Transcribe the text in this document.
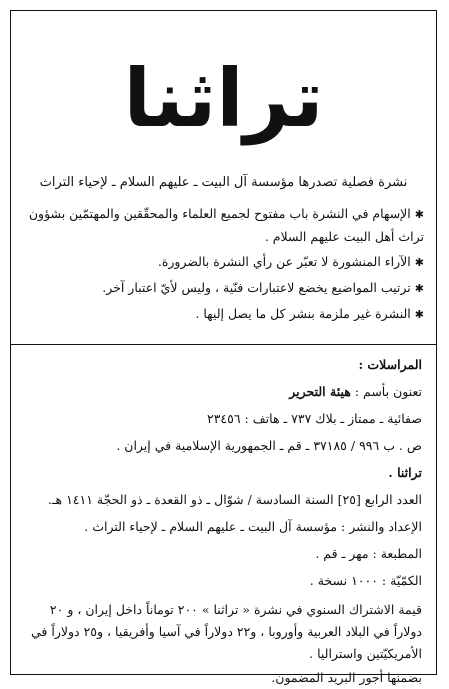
تراثنا
نشرة فصلية تصدرها مؤسسة آل البيت ـ عليهم السلام ـ لإحياء التراث
✱الإسهام في النشرة باب مفتوح لجميع العلماء والمحقّقين والمهتمّين بشؤون تراث أهل البيت عليهم السلام .
✱الآراء المنشورة لا تعبّر عن رأي النشرة بالضرورة.
✱ترتيب المواضيع يخضع لاعتبارات فنّية ، وليس لأيّ اعتبار آخر.
✱النشرة غير ملزمة بنشر كل ما يصل إليها .
المراسلات :
تعنون بأسم : هيئة التحرير
صفائية ـ ممتاز ـ بلاك ٧٣٧ ـ هاتف : ٢٣٤٥٦
ص . ب ٩٩٦ / ٣٧١٨٥ ـ قم ـ الجمهورية الإسلامية في إيران .
تراثنا .
العدد الرابع [٢٥] السنة السادسة / شوّال ـ ذو القعدة ـ ذو الحجّة ١٤١١ هـ.
الإعداد والنشر : مؤسسة آل البيت ـ عليهم السلام ـ لإحياء التراث .
المطبعة : مهر ـ قم .
الكمّيّة : ١٠٠٠ نسخة .
قيمة الاشتراك السنوي في نشرة « تراثنا » ٢٠٠ توماناً داخل إيران ، و ٢٠ دولاراً في البلاد العربية وأوروبا ، و٢٢ دولاراً في آسيا وأفريقيا ، و٢٥ دولاراً في الأمريكيّتين واستراليا .
بضمنها أجور البريد المضمون.
